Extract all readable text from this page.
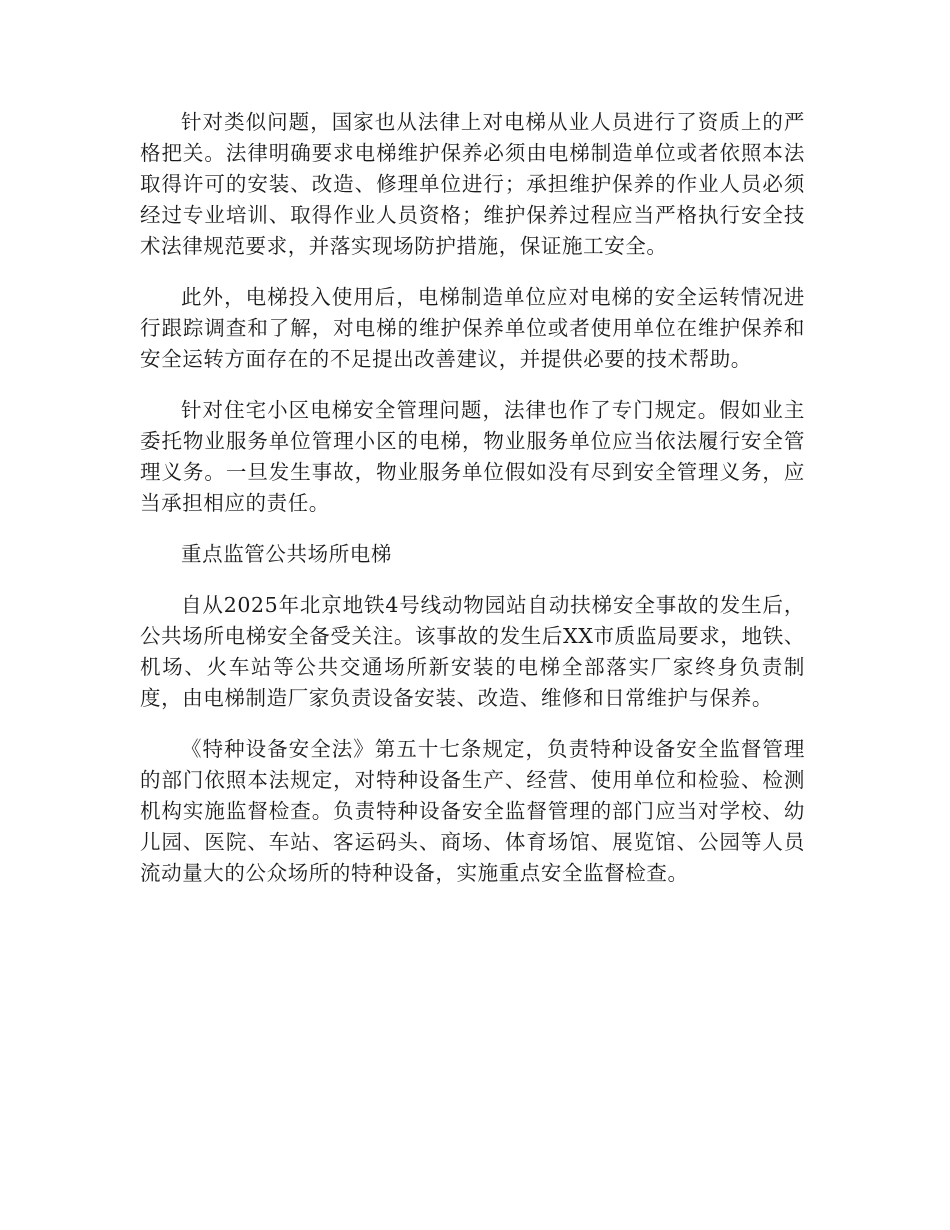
针对类似问题，国家也从法律上对电梯从业人员进行了资质上的严格把关。法律明确要求电梯维护保养必须由电梯制造单位或者依照本法取得许可的安装、改造、修理单位进行；承担维护保养的作业人员必须经过专业培训、取得作业人员资格；维护保养过程应当严格执行安全技术法律规范要求，并落实现场防护措施，保证施工安全。

此外，电梯投入使用后，电梯制造单位应对电梯的安全运转情况进行跟踪调查和了解，对电梯的维护保养单位或者使用单位在维护保养和安全运转方面存在的不足提出改善建议，并提供必要的技术帮助。

针对住宅小区电梯安全管理问题，法律也作了专门规定。假如业主委托物业服务单位管理小区的电梯，物业服务单位应当依法履行安全管理义务。一旦发生事故，物业服务单位假如没有尽到安全管理义务，应当承担相应的责任。

重点监管公共场所电梯

自从2025年北京地铁4号线动物园站自动扶梯安全事故的发生后，公共场所电梯安全备受关注。该事故的发生后XX市质监局要求，地铁、机场、火车站等公共交通场所新安装的电梯全部落实厂家终身负责制度，由电梯制造厂家负责设备安装、改造、维修和日常维护与保养。

《特种设备安全法》第五十七条规定，负责特种设备安全监督管理的部门依照本法规定，对特种设备生产、经营、使用单位和检验、检测机构实施监督检查。负责特种设备安全监督管理的部门应当对学校、幼儿园、医院、车站、客运码头、商场、体育场馆、展览馆、公园等人员流动量大的公众场所的特种设备，实施重点安全监督检查。
